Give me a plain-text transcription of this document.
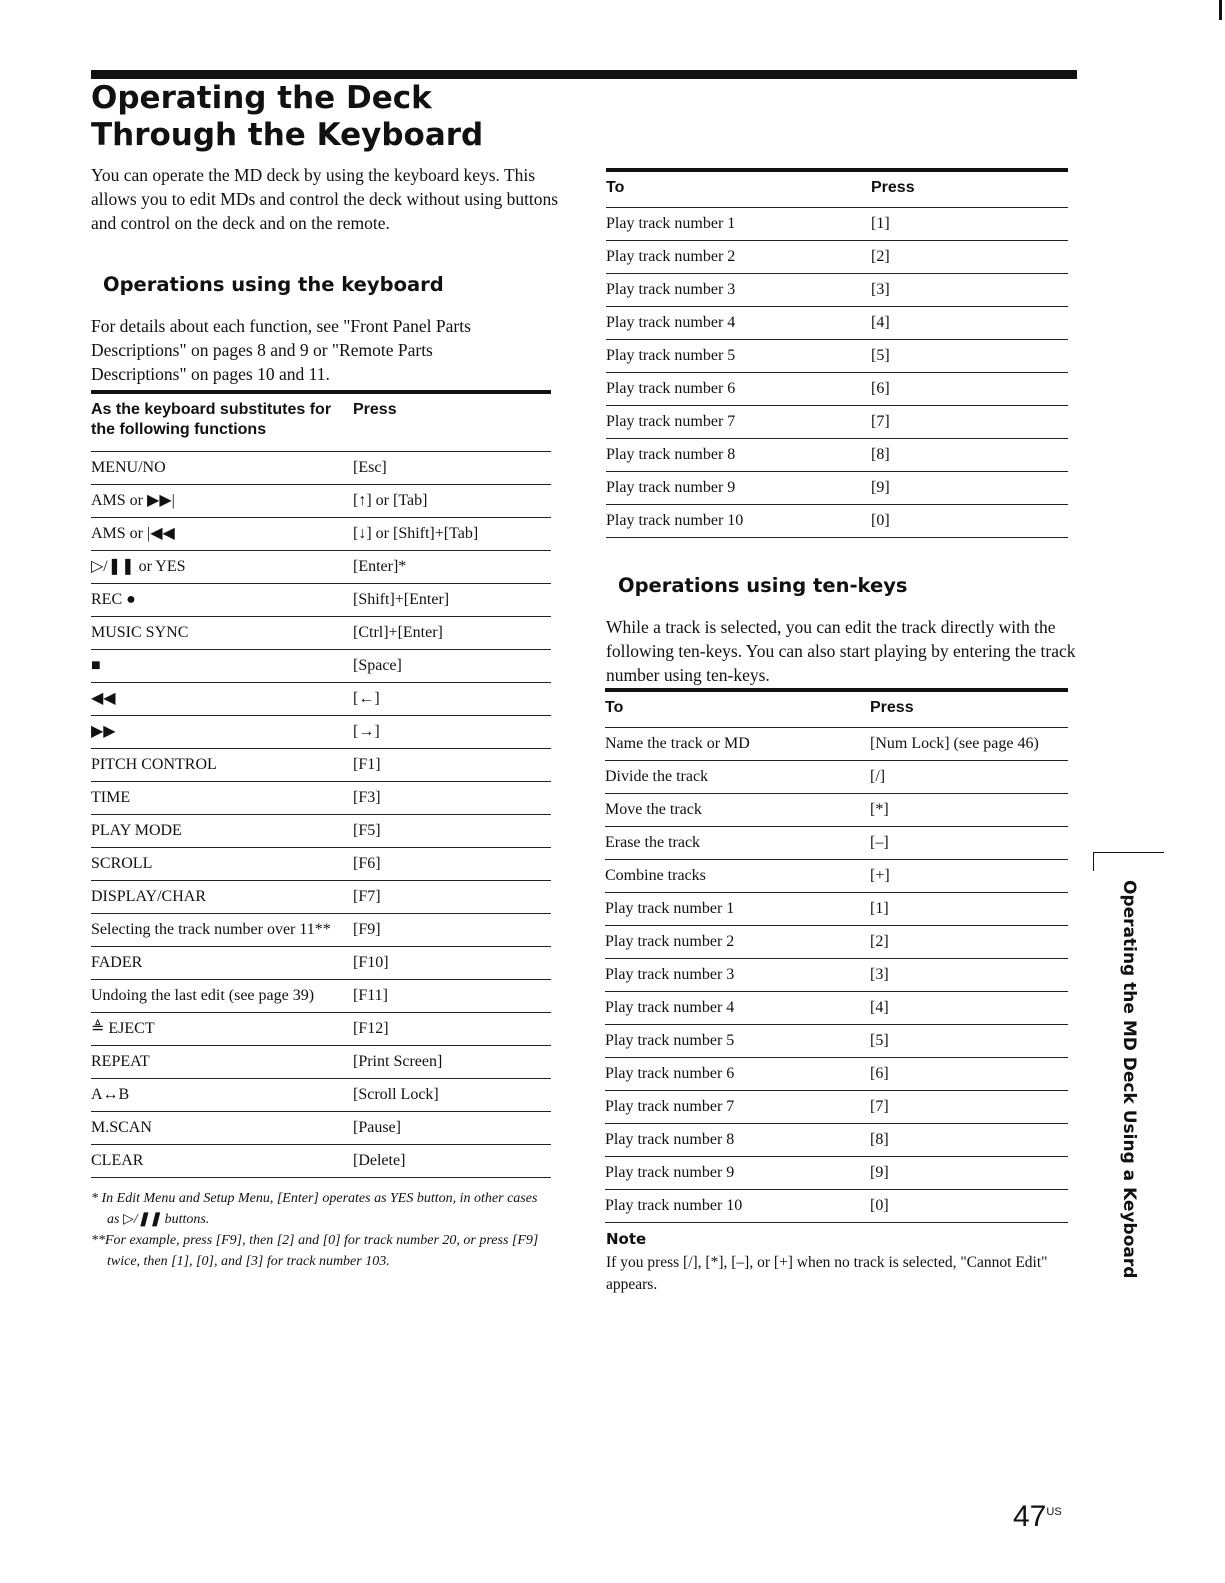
Operating the Deck
Through the Keyboard
You can operate the MD deck by using the keyboard keys. This allows you to edit MDs and control the deck without using buttons and control on the deck and on the remote.
Operations using the keyboard
For details about each function, see "Front Panel Parts Descriptions" on pages 8 and 9 or "Remote Parts Descriptions" on pages 10 and 11.
As the keyboard substitutes for the following functions	Press
MENU/NO	[Esc]
AMS or ▶▶|	[↑] or [Tab]
AMS or |◀◀	[↓] or [Shift]+[Tab]
▷/❚❚ or YES	[Enter]*
REC ●	[Shift]+[Enter]
MUSIC SYNC	[Ctrl]+[Enter]
■	[Space]
◀◀	[←]
▶▶	[→]
PITCH CONTROL	[F1]
TIME	[F3]
PLAY MODE	[F5]
SCROLL	[F6]
DISPLAY/CHAR	[F7]
Selecting the track number over 11**	[F9]
FADER	[F10]
Undoing the last edit (see page 39)	[F11]
≜ EJECT	[F12]
REPEAT	[Print Screen]
A↔B	[Scroll Lock]
M.SCAN	[Pause]
CLEAR	[Delete]
* In Edit Menu and Setup Menu, [Enter] operates as YES button, in other cases as ▷/❚❚ buttons.
**For example, press [F9], then [2] and [0] for track number 20, or press [F9] twice, then [1], [0], and [3] for track number 103.
To	Press
Play track number 1	[1]
Play track number 2	[2]
Play track number 3	[3]
Play track number 4	[4]
Play track number 5	[5]
Play track number 6	[6]
Play track number 7	[7]
Play track number 8	[8]
Play track number 9	[9]
Play track number 10	[0]
Operations using ten-keys
While a track is selected, you can edit the track directly with the following ten-keys. You can also start playing by entering the track number using ten-keys.
To	Press
Name the track or MD	[Num Lock] (see page 46)
Divide the track	[/]
Move the track	[*]
Erase the track	[–]
Combine tracks	[+]
Play track number 1	[1]
Play track number 2	[2]
Play track number 3	[3]
Play track number 4	[4]
Play track number 5	[5]
Play track number 6	[6]
Play track number 7	[7]
Play track number 8	[8]
Play track number 9	[9]
Play track number 10	[0]
Note
If you press [/], [*], [–], or [+] when no track is selected, "Cannot Edit" appears.
Operating the MD Deck Using a Keyboard
$47^{US}$
